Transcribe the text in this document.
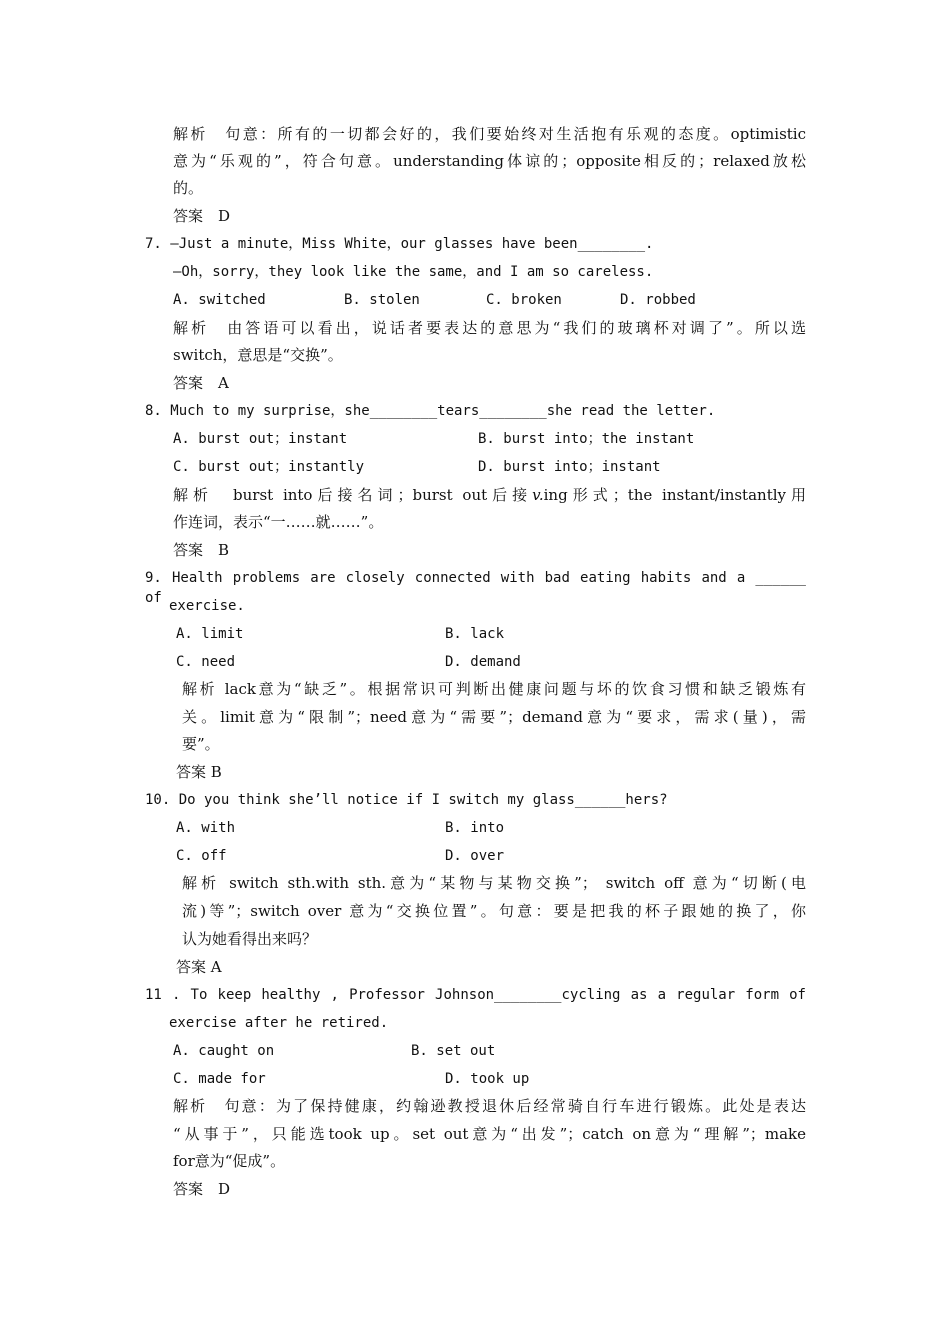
解析　句意：所有的一切都会好的，我们要始终对生活抱有乐观的态度。optimistic
意为“乐观的”，符合句意。understanding体谅的；opposite相反的；relaxed放松
的。
答案　D
7. —Just a minute，Miss White，our glasses have been________.
—Oh，sorry，they look like the same，and I am so careless.
A. switched	B. stolen	C. broken	D. robbed
解析　由答语可以看出，说话者要表达的意思为“我们的玻璃杯对调了”。所以选
switch，意思是“交换”。
答案　A
8. Much to my surprise，she________tears________she read the letter.
A. burst out；instant	B. burst into；the instant
C. burst out；instantly	D. burst into；instant
解析　burst into后接名词；burst out后接v.ing形式；the instant/instantly用
作连词，表示“一……就……”。
答案　B
9. Health problems are closely connected with bad eating habits and a ______ of exercise.
A. limit	B. lack
C. need	D. demand
解析 lack意为“缺乏”。根据常识可判断出健康问题与坏的饮食习惯和缺乏锻炼有
关。limit意为“限制”；need意为“需要”；demand意为“要求，需求(量)，需
要”。
答案 B
10. Do you think she’ll notice if I switch my glass______hers?
A. with	B. into
C. off	D. over
解析 switch sth.with sth.意为“某物与某物交换”； switch off 意为“切断(电
流)等”；switch over 意为“交换位置”。句意：要是把我的杯子跟她的换了，你
认为她看得出来吗？
答案 A
11 . To keep healthy , Professor Johnson________cycling as a regular form of
exercise after he retired.
A. caught on	B. set out
C. made for	D. took up
解析　句意：为了保持健康，约翰逊教授退休后经常骑自行车进行锻炼。此处是表达
“从事于”，只能选took up。set out意为“出发”；catch on意为“理解”；make
for意为“促成”。
答案　D
